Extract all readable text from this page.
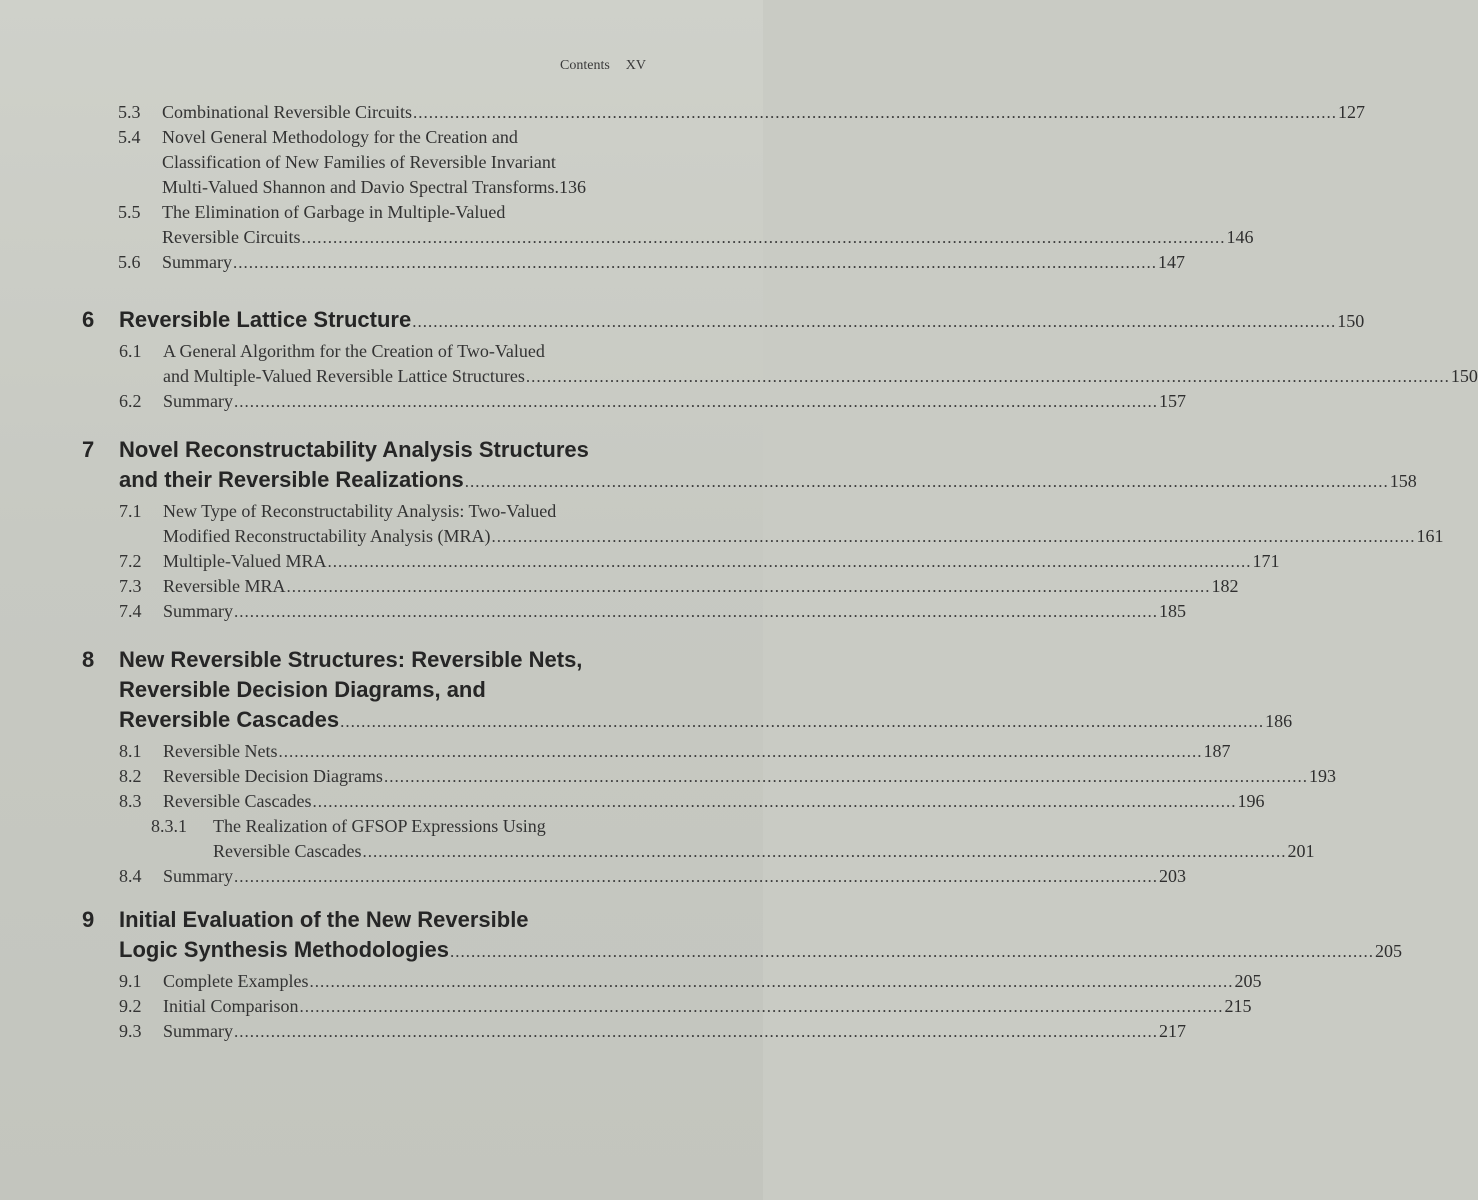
Contents XV
5.3	Combinational Reversible Circuits .....	127
5.4	Novel General Methodology for the Creation and
Classification of New Families of Reversible Invariant
Multi-Valued Shannon and Davio Spectral Transforms. 136
5.5	The Elimination of Garbage in Multiple-Valued
Reversible Circuits .....	146
5.6	Summary .....	147
6	Reversible Lattice Structure .....	150
6.1	A General Algorithm for the Creation of Two-Valued
and Multiple-Valued Reversible Lattice Structures .....	150
6.2	Summary .....	157
7	Novel Reconstructability Analysis Structures
and their Reversible Realizations .....	158
7.1	New Type of Reconstructability Analysis: Two-Valued
Modified Reconstructability Analysis (MRA) .....	161
7.2	Multiple-Valued MRA .....	171
7.3	Reversible MRA .....	182
7.4	Summary .....	185
8	New Reversible Structures: Reversible Nets,
Reversible Decision Diagrams, and
Reversible Cascades .....	186
8.1	Reversible Nets .....	187
8.2	Reversible Decision Diagrams .....	193
8.3	Reversible Cascades .....	196
8.3.1	The Realization of GFSOP Expressions Using
Reversible Cascades .....	201
8.4	Summary .....	203
9	Initial Evaluation of the New Reversible
Logic Synthesis Methodologies .....	205
9.1	Complete Examples .....	205
9.2	Initial Comparison .....	215
9.3	Summary .....	217
